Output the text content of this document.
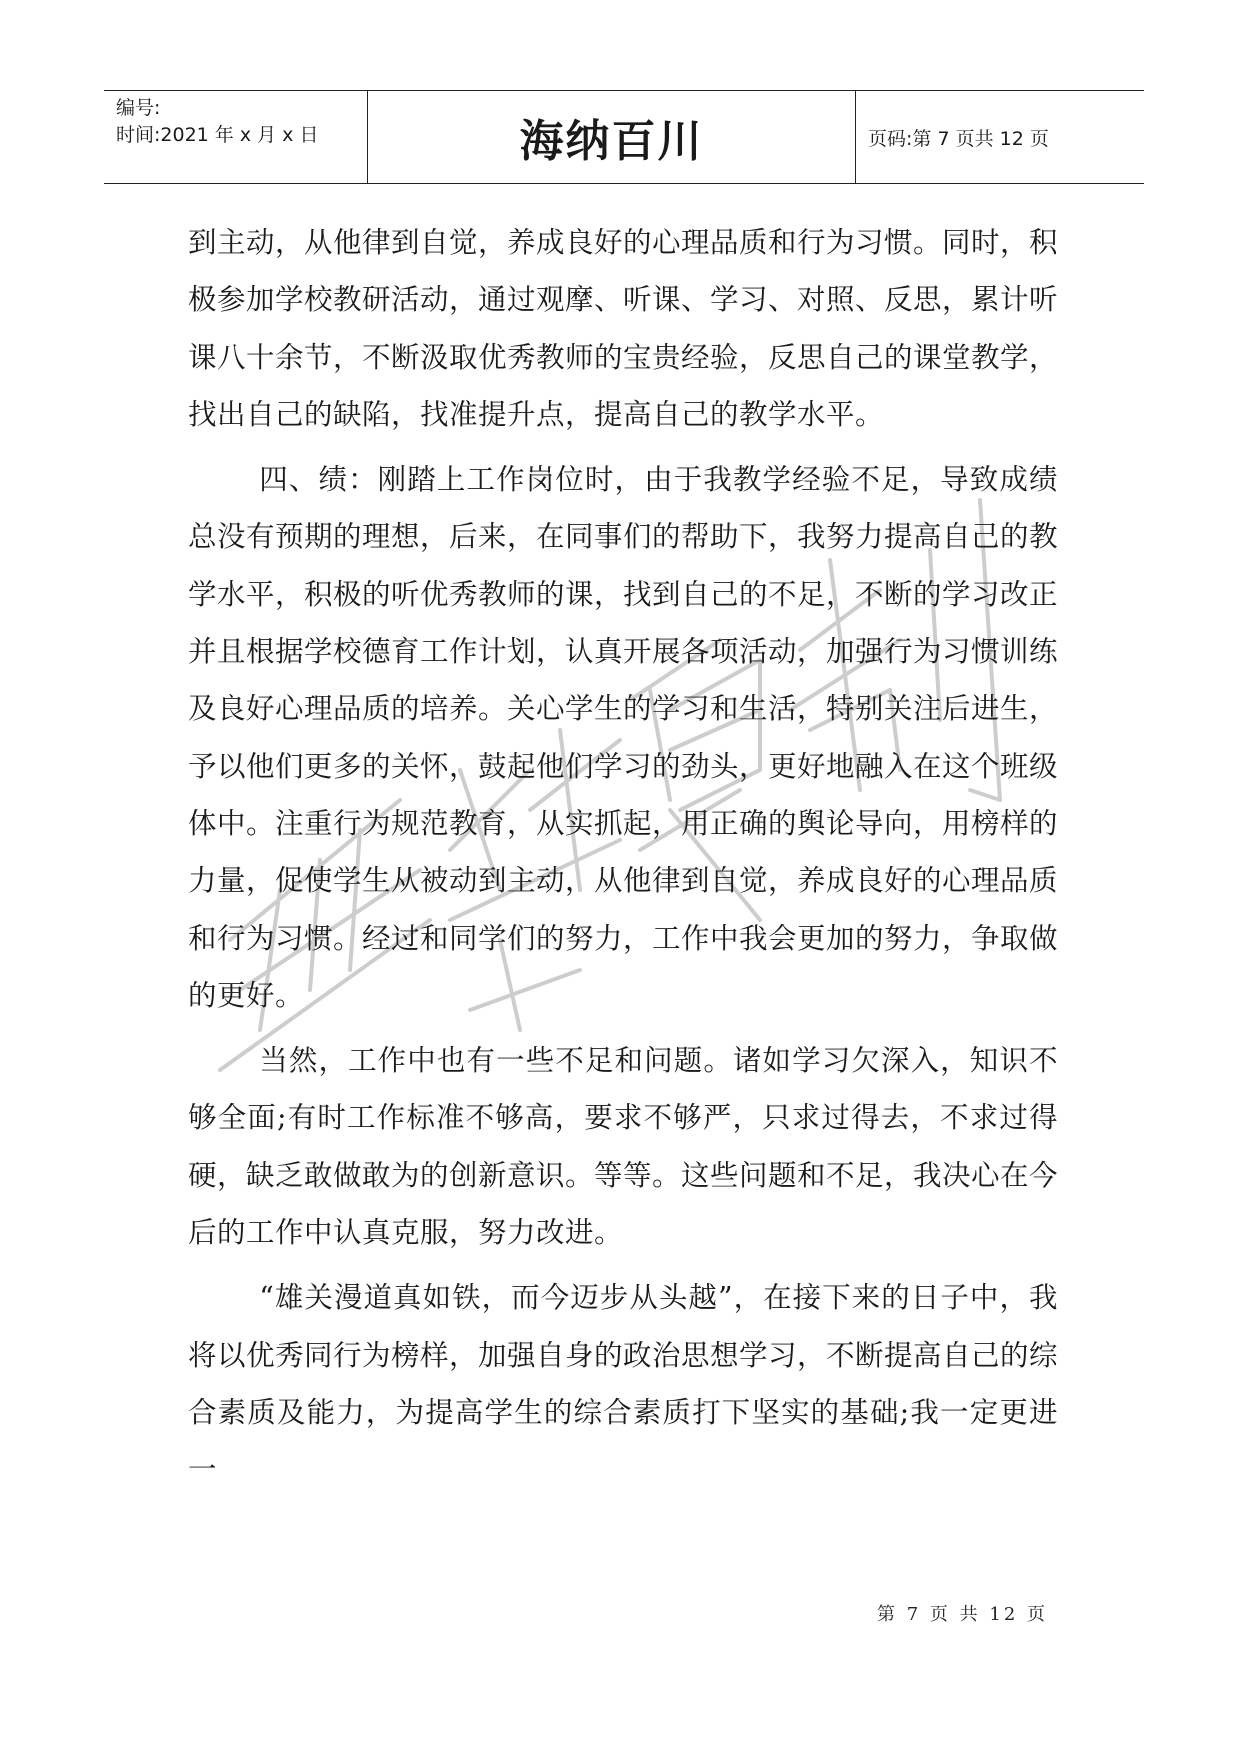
编号:
时间:2021 年 x 月 x 日	海纳百川	页码:第 7 页共 12 页

到主动，从他律到自觉，养成良好的心理品质和行为习惯。同时，积极参加学校教研活动，通过观摩、听课、学习、对照、反思，累计听课八十余节，不断汲取优秀教师的宝贵经验，反思自己的课堂教学，找出自己的缺陷，找准提升点，提高自己的教学水平。

四、绩：刚踏上工作岗位时，由于我教学经验不足，导致成绩总没有预期的理想，后来，在同事们的帮助下，我努力提高自己的教学水平，积极的听优秀教师的课，找到自己的不足，不断的学习改正并且根据学校德育工作计划，认真开展各项活动，加强行为习惯训练及良好心理品质的培养。关心学生的学习和生活，特别关注后进生，予以他们更多的关怀，鼓起他们学习的劲头，更好地融入在这个班级体中。注重行为规范教育，从实抓起，用正确的舆论导向，用榜样的力量，促使学生从被动到主动，从他律到自觉，养成良好的心理品质和行为习惯。经过和同学们的努力，工作中我会更加的努力，争取做的更好。

当然，工作中也有一些不足和问题。诸如学习欠深入，知识不够全面;有时工作标准不够高，要求不够严，只求过得去，不求过得硬，缺乏敢做敢为的创新意识。等等。这些问题和不足，我决心在今后的工作中认真克服，努力改进。

“雄关漫道真如铁，而今迈步从头越”，在接下来的日子中，我将以优秀同行为榜样，加强自身的政治思想学习，不断提高自己的综合素质及能力，为提高学生的综合素质打下坚实的基础;我一定更进一

第 7 页 共 12 页
